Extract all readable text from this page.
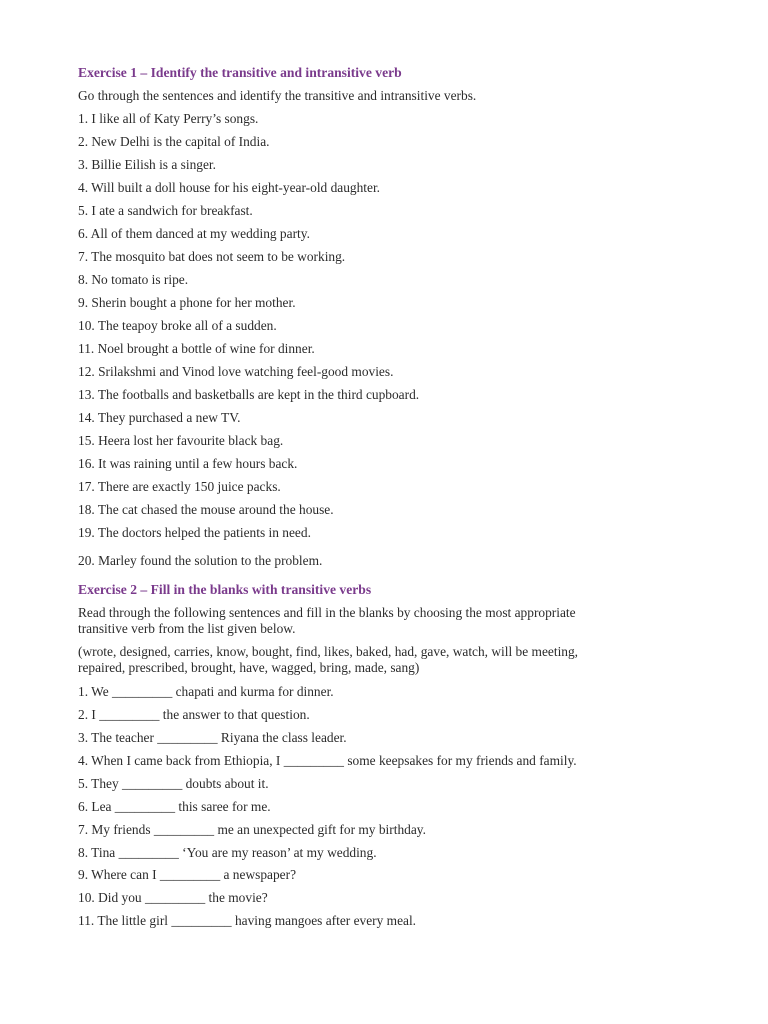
Exercise 1 – Identify the transitive and intransitive verb
Go through the sentences and identify the transitive and intransitive verbs.
1. I like all of Katy Perry’s songs.
2. New Delhi is the capital of India.
3. Billie Eilish is a singer.
4. Will built a doll house for his eight-year-old daughter.
5. I ate a sandwich for breakfast.
6. All of them danced at my wedding party.
7. The mosquito bat does not seem to be working.
8. No tomato is ripe.
9. Sherin bought a phone for her mother.
10. The teapoy broke all of a sudden.
11. Noel brought a bottle of wine for dinner.
12. Srilakshmi and Vinod love watching feel-good movies.
13. The footballs and basketballs are kept in the third cupboard.
14. They purchased a new TV.
15. Heera lost her favourite black bag.
16. It was raining until a few hours back.
17. There are exactly 150 juice packs.
18. The cat chased the mouse around the house.
19. The doctors helped the patients in need.
20. Marley found the solution to the problem.
Exercise 2 – Fill in the blanks with transitive verbs
Read through the following sentences and fill in the blanks by choosing the most appropriate
transitive verb from the list given below.
(wrote, designed, carries, know, bought, find, likes, baked, had, gave, watch, will be meeting,
repaired, prescribed, brought, have, wagged, bring, made, sang)
1. We _________ chapati and kurma for dinner.
2. I _________ the answer to that question.
3. The teacher _________ Riyana the class leader.
4. When I came back from Ethiopia, I _________ some keepsakes for my friends and family.
5. They _________ doubts about it.
6. Lea _________ this saree for me.
7. My friends _________ me an unexpected gift for my birthday.
8. Tina _________ ‘You are my reason’ at my wedding.
9. Where can I _________ a newspaper?
10. Did you _________ the movie?
11. The little girl _________ having mangoes after every meal.
